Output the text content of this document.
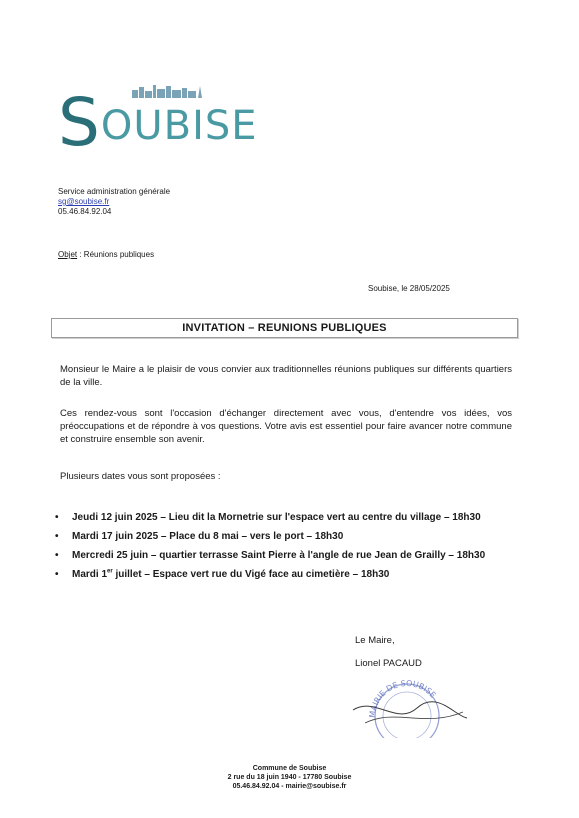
SOUBISE
Service administration générale
sg@soubise.fr
05.46.84.92.04
Objet : Réunions publiques
Soubise, le 28/05/2025
INVITATION – REUNIONS PUBLIQUES
Monsieur le Maire a le plaisir de vous convier aux traditionnelles réunions publiques sur différents quartiers de la ville.
Ces rendez-vous sont l'occasion d'échanger directement avec vous, d'entendre vos idées, vos préoccupations et de répondre à vos questions. Votre avis est essentiel pour faire avancer notre commune et construire ensemble son avenir.
Plusieurs dates vous sont proposées :
• Jeudi 12 juin 2025 – Lieu dit la Mornetrie sur l'espace vert au centre du village – 18h30
• Mardi 17 juin 2025 – Place du 8 mai – vers le port – 18h30
• Mercredi 25 juin – quartier terrasse Saint Pierre à l'angle de rue Jean de Grailly – 18h30
• Mardi 1er juillet – Espace vert rue du Vigé face au cimetière – 18h30
Le Maire,
Lionel PACAUD
MAIRIE DE SOUBISE
Commune de Soubise
2 rue du 18 juin 1940 - 17780 Soubise
05.46.84.92.04 - mairie@soubise.fr
